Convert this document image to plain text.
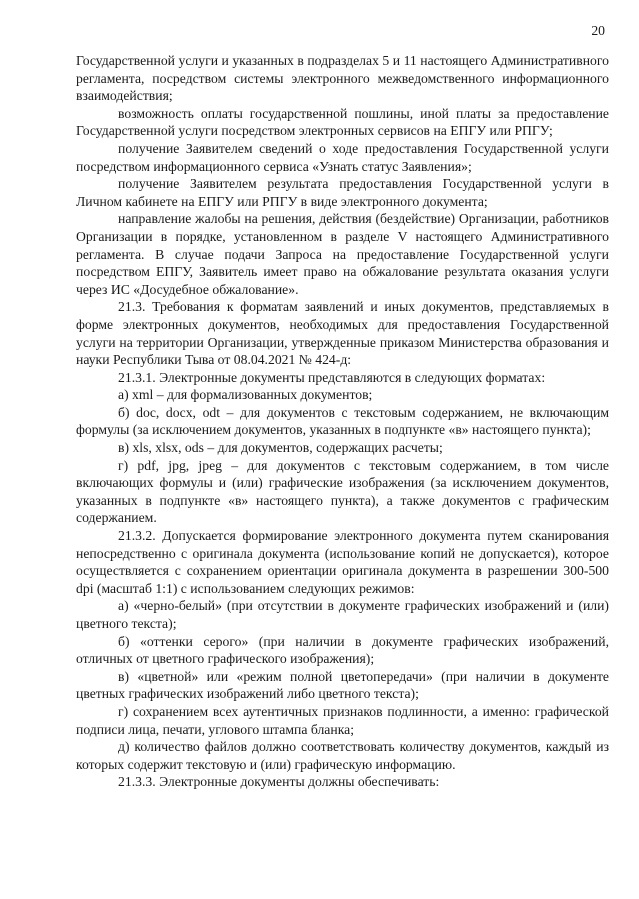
20

Государственной услуги и указанных в подразделах 5 и 11 настоящего Административного регламента, посредством системы электронного межведомственного информационного взаимодействия;

возможность оплаты государственной пошлины, иной платы за предоставление Государственной услуги посредством электронных сервисов на ЕПГУ или РПГУ;

получение Заявителем сведений о ходе предоставления Государственной услуги посредством информационного сервиса «Узнать статус Заявления»;

получение Заявителем результата предоставления Государственной услуги в Личном кабинете на ЕПГУ или РПГУ в виде электронного документа;

направление жалобы на решения, действия (бездействие) Организации, работников Организации в порядке, установленном в разделе V настоящего Административного регламента. В случае подачи Запроса на предоставление Государственной услуги посредством ЕПГУ, Заявитель имеет право на обжалование результата оказания услуги через ИС «Досудебное обжалование».

21.3. Требования к форматам заявлений и иных документов, представляемых в форме электронных документов, необходимых для предоставления Государственной услуги на территории Организации, утвержденные приказом Министерства образования и науки Республики Тыва от 08.04.2021 № 424-д:

21.3.1. Электронные документы представляются в следующих форматах:

а) xml – для формализованных документов;

б) doc, docx, odt – для документов с текстовым содержанием, не включающим формулы (за исключением документов, указанных в подпункте «в» настоящего пункта);

в) xls, xlsx, ods – для документов, содержащих расчеты;

г) pdf, jpg, jpeg – для документов с текстовым содержанием, в том числе включающих формулы и (или) графические изображения (за исключением документов, указанных в подпункте «в» настоящего пункта), а также документов с графическим содержанием.

21.3.2. Допускается формирование электронного документа путем сканирования непосредственно с оригинала документа (использование копий не допускается), которое осуществляется с сохранением ориентации оригинала документа в разрешении 300-500 dpi (масштаб 1:1) с использованием следующих режимов:

а) «черно-белый» (при отсутствии в документе графических изображений и (или) цветного текста);

б) «оттенки серого» (при наличии в документе графических изображений, отличных от цветного графического изображения);

в) «цветной» или «режим полной цветопередачи» (при наличии в документе цветных графических изображений либо цветного текста);

г) сохранением всех аутентичных признаков подлинности, а именно: графической подписи лица, печати, углового штампа бланка;

д) количество файлов должно соответствовать количеству документов, каждый из которых содержит текстовую и (или) графическую информацию.

21.3.3. Электронные документы должны обеспечивать:
